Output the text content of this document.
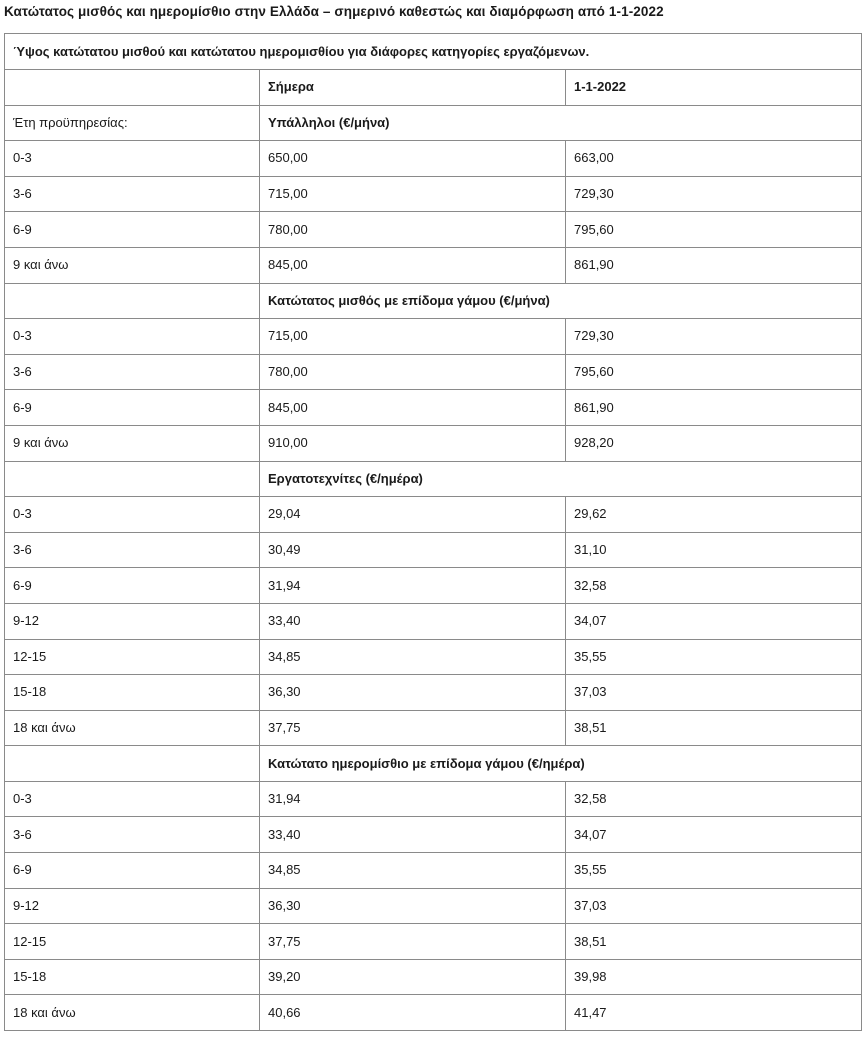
Κατώτατος μισθός και ημερομίσθιο στην Ελλάδα – σημερινό καθεστώς και διαμόρφωση από 1-1-2022
Ύψος κατώτατου μισθού και κατώτατου ημερομισθίου για διάφορες κατηγορίες εργαζόμενων.		
	Σήμερα	1-1-2022
Έτη προϋπηρεσίας:	Υπάλληλοι (€/μήνα)	
0-3	650,00	663,00
3-6	715,00	729,30
6-9	780,00	795,60
9 και άνω	845,00	861,90
	Κατώτατος μισθός με επίδομα γάμου (€/μήνα)	
0-3	715,00	729,30
3-6	780,00	795,60
6-9	845,00	861,90
9 και άνω	910,00	928,20
	Εργατοτεχνίτες (€/ημέρα)	
0-3	29,04	29,62
3-6	30,49	31,10
6-9	31,94	32,58
9-12	33,40	34,07
12-15	34,85	35,55
15-18	36,30	37,03
18 και άνω	37,75	38,51
	Κατώτατο ημερομίσθιο με επίδομα γάμου (€/ημέρα)	
0-3	31,94	32,58
3-6	33,40	34,07
6-9	34,85	35,55
9-12	36,30	37,03
12-15	37,75	38,51
15-18	39,20	39,98
18 και άνω	40,66	41,47
